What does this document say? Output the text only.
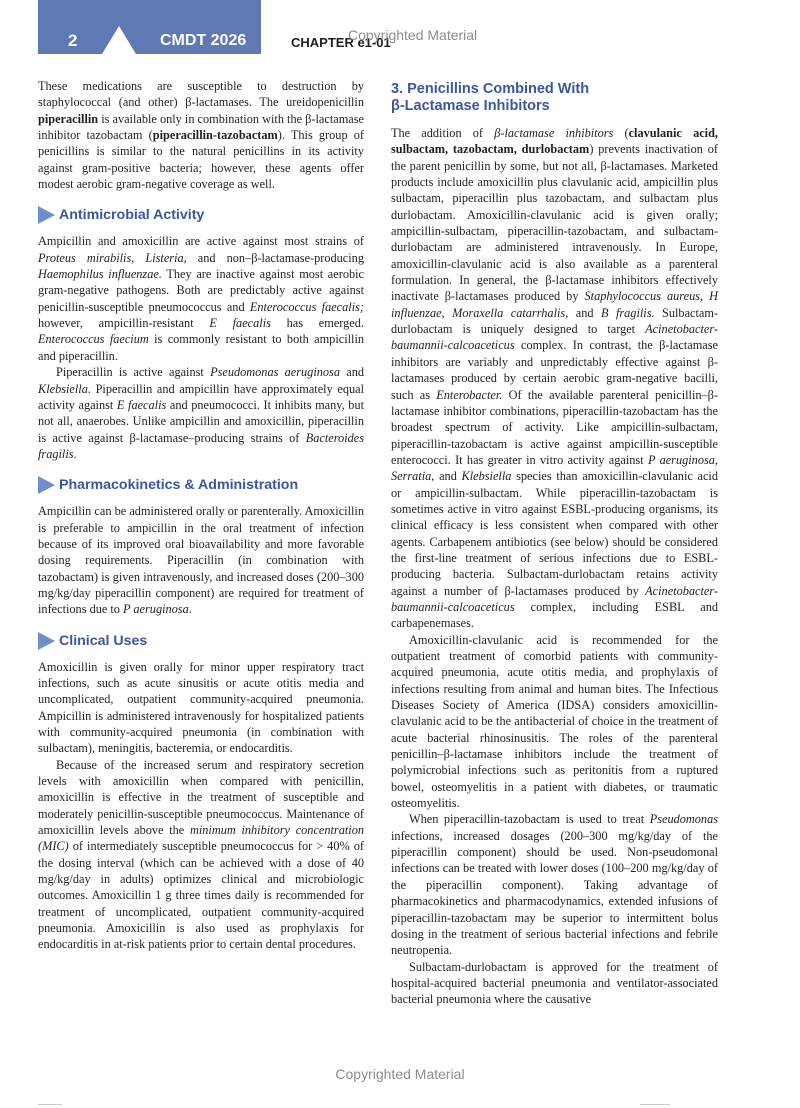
2	CMDT 2026	CHAPTER e1-01
Copyrighted Material

These medications are susceptible to destruction by staphylococcal (and other) β-lactamases. The ureidopenicillin piperacillin is available only in combination with the β-lactamase inhibitor tazobactam (piperacillin-tazobactam). This group of penicillins is similar to the natural penicillins in its activity against gram-positive bacteria; however, these agents offer modest aerobic gram-negative coverage as well.

Antimicrobial Activity

Ampicillin and amoxicillin are active against most strains of Proteus mirabilis, Listeria, and non–β-lactamase-producing Haemophilus influenzae. They are inactive against most aerobic gram-negative pathogens. Both are predictably active against penicillin-susceptible pneumococcus and Enterococcus faecalis; however, ampicillin-resistant E faecalis has emerged. Enterococcus faecium is commonly resistant to both ampicillin and piperacillin.

Piperacillin is active against Pseudomonas aeruginosa and Klebsiella. Piperacillin and ampicillin have approximately equal activity against E faecalis and pneumococci. It inhibits many, but not all, anaerobes. Unlike ampicillin and amoxicillin, piperacillin is active against β-lactamase–producing strains of Bacteroides fragilis.

Pharmacokinetics & Administration

Ampicillin can be administered orally or parenterally. Amoxicillin is preferable to ampicillin in the oral treatment of infection because of its improved oral bioavailability and more favorable dosing requirements. Piperacillin (in combination with tazobactam) is given intravenously, and increased doses (200–300 mg/kg/day piperacillin component) are required for treatment of infections due to P aeruginosa.

Clinical Uses

Amoxicillin is given orally for minor upper respiratory tract infections, such as acute sinusitis or acute otitis media and uncomplicated, outpatient community-acquired pneumonia. Ampicillin is administered intravenously for hospitalized patients with community-acquired pneumonia (in combination with sulbactam), meningitis, bacteremia, or endocarditis.

Because of the increased serum and respiratory secretion levels with amoxicillin when compared with penicillin, amoxicillin is effective in the treatment of susceptible and moderately penicillin-susceptible pneumococcus. Maintenance of amoxicillin levels above the minimum inhibitory concentration (MIC) of intermediately susceptible pneumococcus for > 40% of the dosing interval (which can be achieved with a dose of 40 mg/kg/day in adults) optimizes clinical and microbiologic outcomes. Amoxicillin 1 g three times daily is recommended for treatment of uncomplicated, outpatient community-acquired pneumonia. Amoxicillin is also used as prophylaxis for endocarditis in at-risk patients prior to certain dental procedures.

3. Penicillins Combined With
β-Lactamase Inhibitors

The addition of β-lactamase inhibitors (clavulanic acid, sulbactam, tazobactam, durlobactam) prevents inactivation of the parent penicillin by some, but not all, β-lactamases. Marketed products include amoxicillin plus clavulanic acid, ampicillin plus sulbactam, piperacillin plus tazobactam, and sulbactam plus durlobactam. Amoxicillin-clavulanic acid is given orally; ampicillin-sulbactam, piperacillin-tazobactam, and sulbactam-durlobactam are administered intravenously. In Europe, amoxicillin-clavulanic acid is also available as a parenteral formulation. In general, the β-lactamase inhibitors effectively inactivate β-lactamases produced by Staphylococcus aureus, H influenzae, Moraxella catarrhalis, and B fragilis. Sulbactam-durlobactam is uniquely designed to target Acinetobacter-baumannii-calcoaceticus complex. In contrast, the β-lactamase inhibitors are variably and unpredictably effective against β-lactamases produced by certain aerobic gram-negative bacilli, such as Enterobacter. Of the available parenteral penicillin–β-lactamase inhibitor combinations, piperacillin-tazobactam has the broadest spectrum of activity. Like ampicillin-sulbactam, piperacillin-tazobactam is active against ampicillin-susceptible enterococci. It has greater in vitro activity against P aeruginosa, Serratia, and Klebsiella species than amoxicillin-clavulanic acid or ampicillin-sulbactam. While piperacillin-tazobactam is sometimes active in vitro against ESBL-producing organisms, its clinical efficacy is less consistent when compared with other agents. Carbapenem antibiotics (see below) should be considered the first-line treatment of serious infections due to ESBL-producing bacteria. Sulbactam-durlobactam retains activity against a number of β-lactamases produced by Acinetobacter-baumannii-calcoaceticus complex, including ESBL and carbapenemases.

Amoxicillin-clavulanic acid is recommended for the outpatient treatment of comorbid patients with community-acquired pneumonia, acute otitis media, and prophylaxis of infections resulting from animal and human bites. The Infectious Diseases Society of America (IDSA) considers amoxicillin-clavulanic acid to be the antibacterial of choice in the treatment of acute bacterial rhinosinusitis. The roles of the parenteral penicillin–β-lactamase inhibitors include the treatment of polymicrobial infections such as peritonitis from a ruptured bowel, osteomyelitis in a patient with diabetes, or traumatic osteomyelitis.

When piperacillin-tazobactam is used to treat Pseudomonas infections, increased dosages (200–300 mg/kg/day of the piperacillin component) should be used. Non-pseudomonal infections can be treated with lower doses (100–200 mg/kg/day of the piperacillin component). Taking advantage of pharmacokinetics and pharmacodynamics, extended infusions of piperacillin-tazobactam may be superior to intermittent bolus dosing in the treatment of serious bacterial infections and febrile neutropenia.

Sulbactam-durlobactam is approved for the treatment of hospital-acquired bacterial pneumonia and ventilator-associated bacterial pneumonia where the causative

Copyrighted Material
